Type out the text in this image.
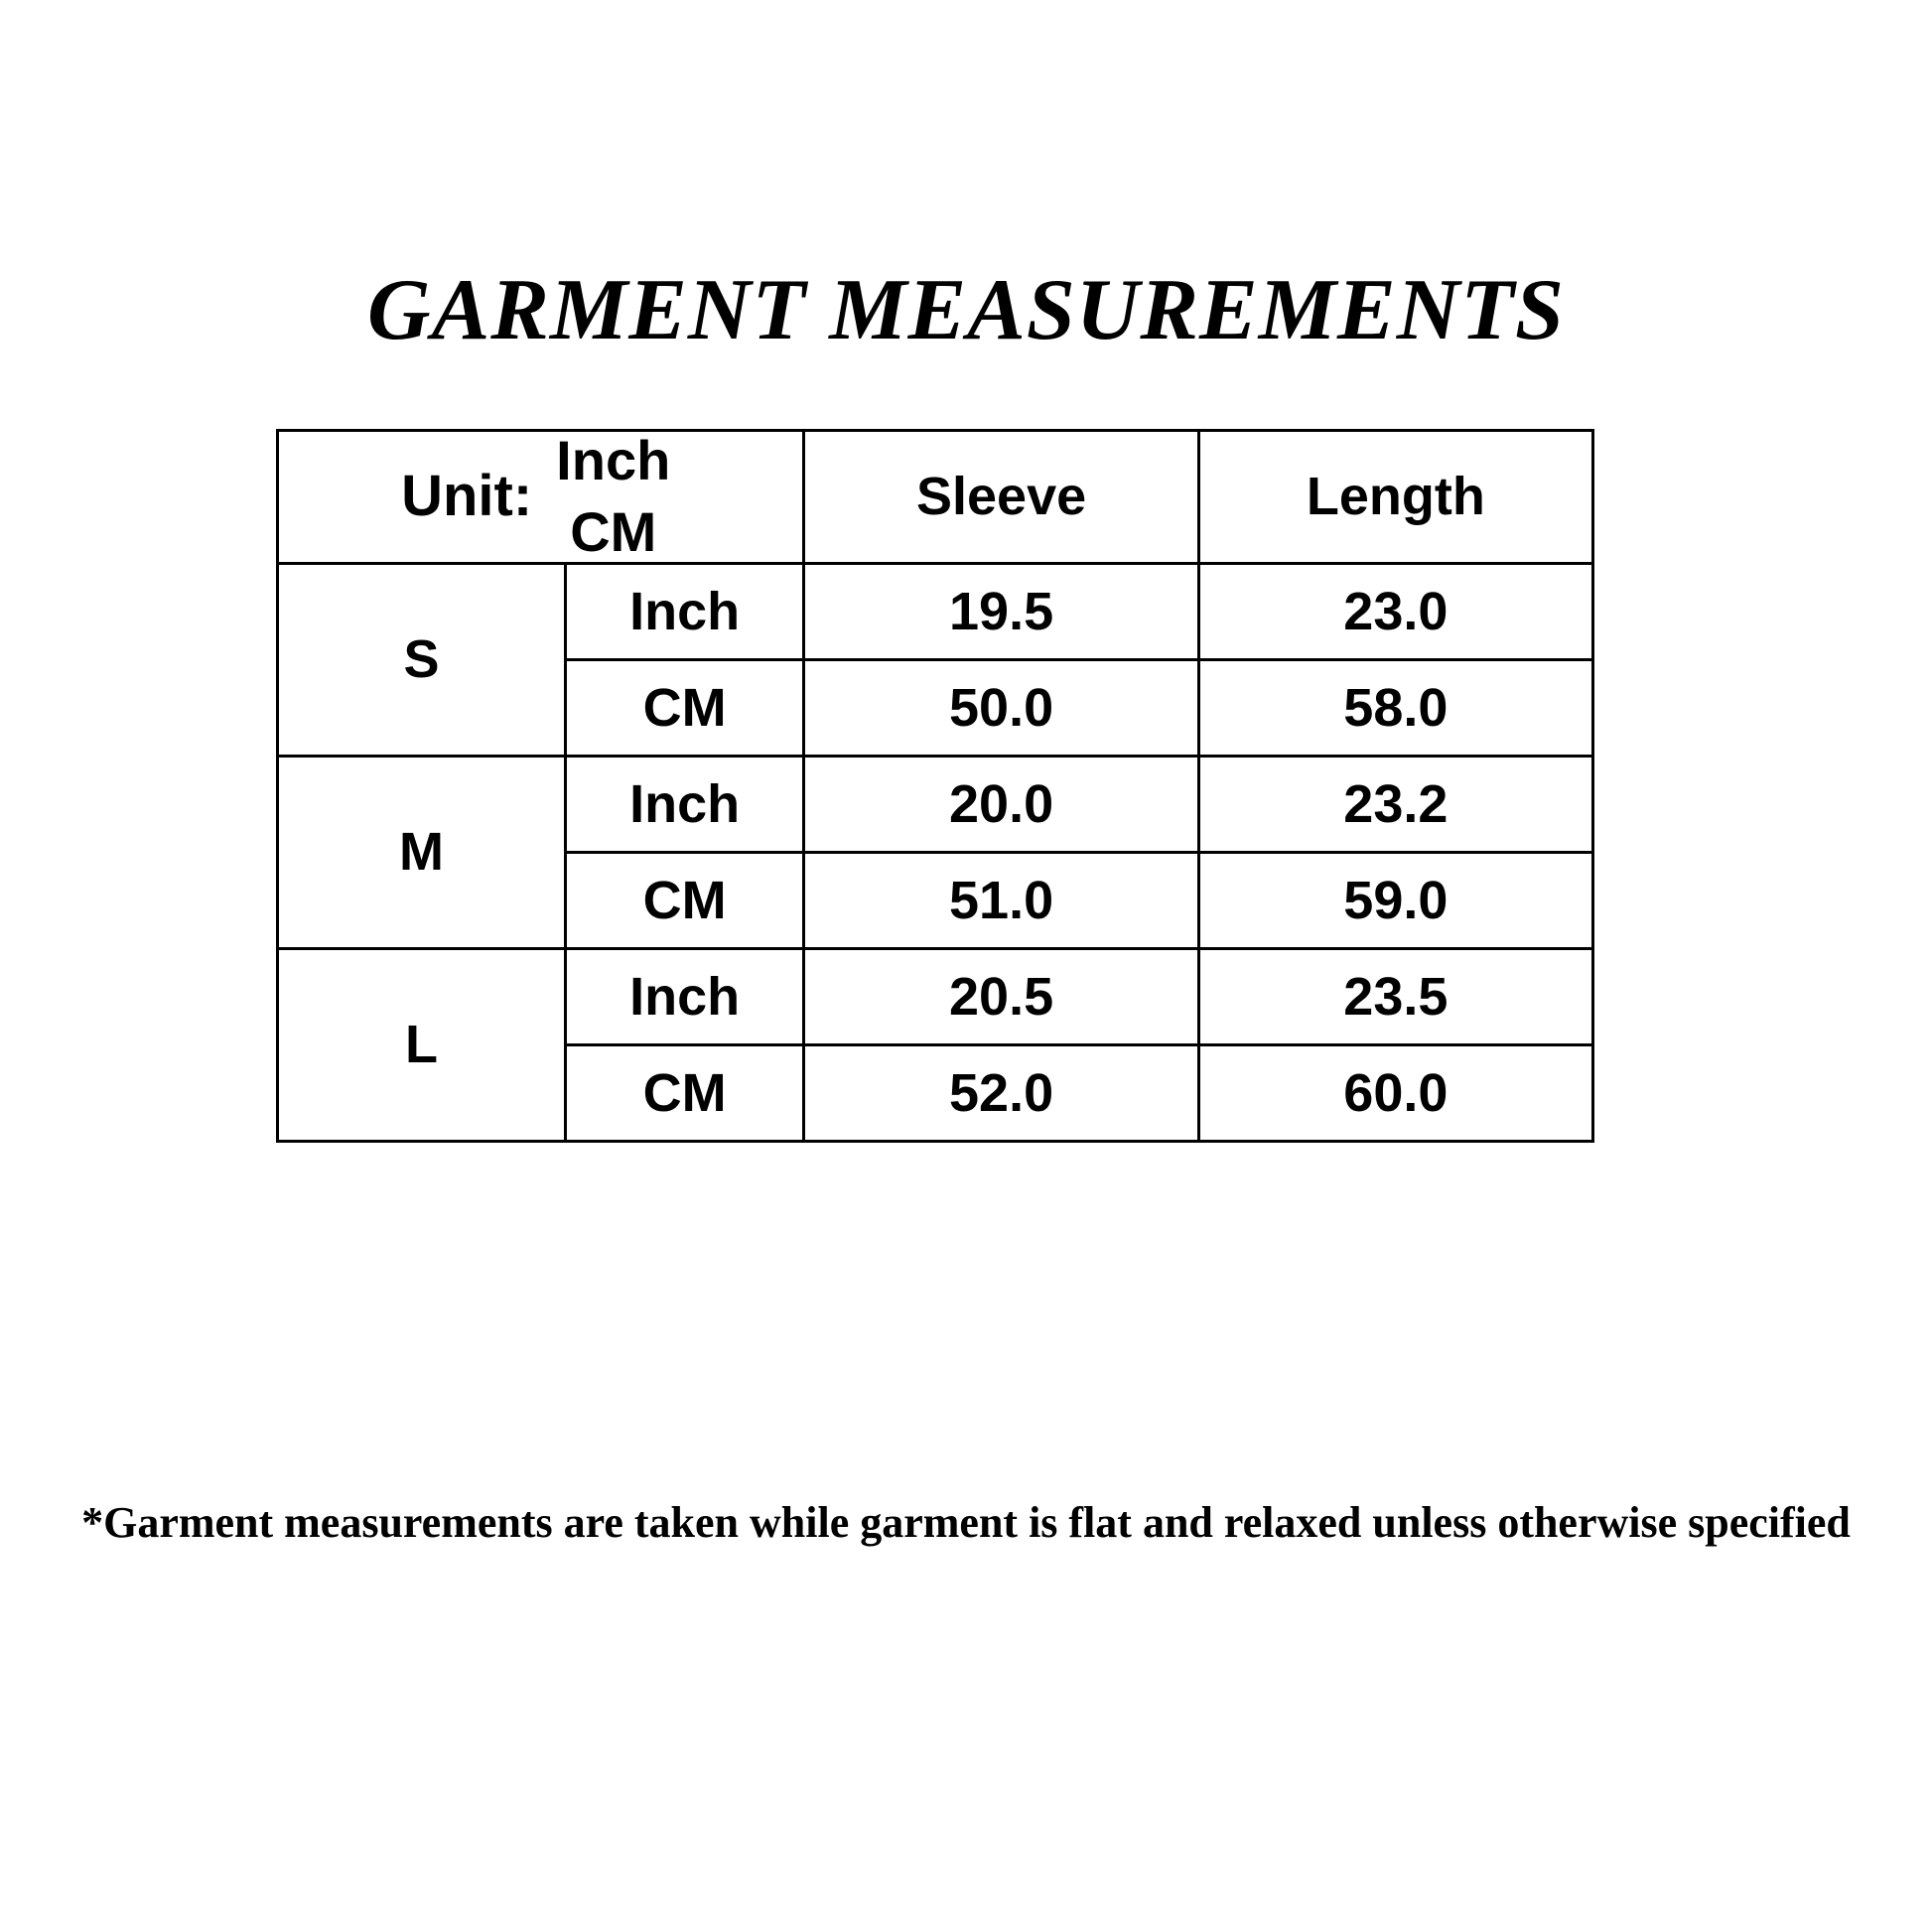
GARMENT MEASUREMENTS
Unit:
Inch
CM		Sleeve	Length
S	Inch	19.5	23.0
	CM	50.0	58.0
M	Inch	20.0	23.2
	CM	51.0	59.0
L	Inch	20.5	23.5
	CM	52.0	60.0
*Garment measurements are taken while garment is flat and relaxed unless otherwise specified
